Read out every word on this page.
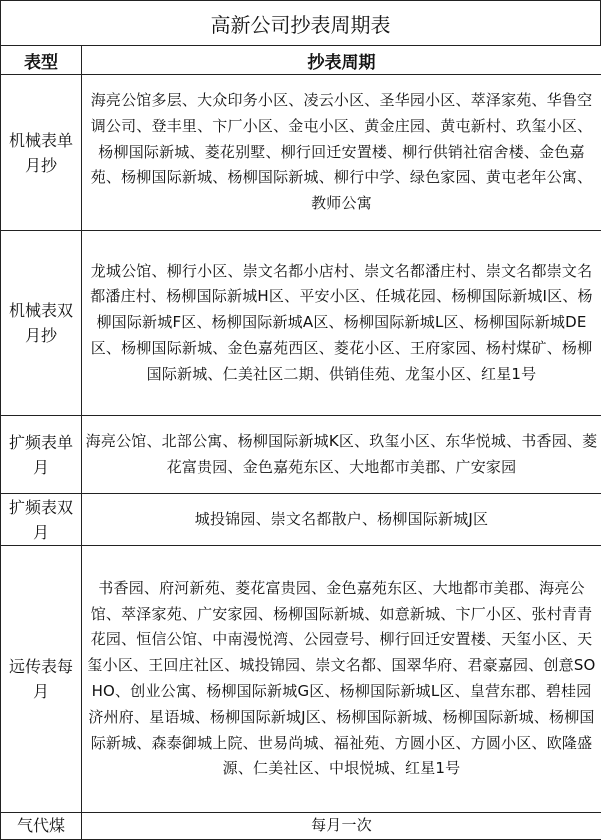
高新公司抄表周期表
表型	抄表周期
机械表单月抄	海亮公馆多层、大众印务小区、凌云小区、圣华园小区、萃泽家苑、华鲁空调公司、登丰里、卞厂小区、金屯小区、黄金庄园、黄屯新村、玖玺小区、杨柳国际新城、菱花别墅、柳行回迁安置楼、柳行供销社宿舍楼、金色嘉苑、杨柳国际新城、杨柳国际新城、柳行中学、绿色家园、黄屯老年公寓、教师公寓
机械表双月抄	龙城公馆、柳行小区、崇文名都小店村、崇文名都潘庄村、崇文名都崇文名都潘庄村、杨柳国际新城H区、平安小区、任城花园、杨柳国际新城I区、杨柳国际新城F区、杨柳国际新城A区、杨柳国际新城L区、杨柳国际新城DE区、杨柳国际新城、金色嘉苑西区、菱花小区、王府家园、杨村煤矿、杨柳国际新城、仁美社区二期、供销佳苑、龙玺小区、红星1号
扩频表单月	海亮公馆、北部公寓、杨柳国际新城K区、玖玺小区、东华悦城、书香园、菱花富贵园、金色嘉苑东区、大地都市美郡、广安家园
扩频表双月	城投锦园、崇文名都散户、杨柳国际新城J区
远传表每月	书香园、府河新苑、菱花富贵园、金色嘉苑东区、大地都市美郡、海亮公馆、萃泽家苑、广安家园、杨柳国际新城、如意新城、卞厂小区、张村青青花园、恒信公馆、中南漫悦湾、公园壹号、柳行回迁安置楼、天玺小区、天玺小区、王回庄社区、城投锦园、崇文名都、国翠华府、君豪嘉园、创意SOHO、创业公寓、杨柳国际新城G区、杨柳国际新城L区、皇营东郡、碧桂园济州府、星语城、杨柳国际新城J区、杨柳国际新城、杨柳国际新城、杨柳国际新城、森泰御城上院、世易尚城、福祉苑、方圆小区、方圆小区、欧隆盛源、仁美社区、中垠悦城、红星1号
气代煤	每月一次
